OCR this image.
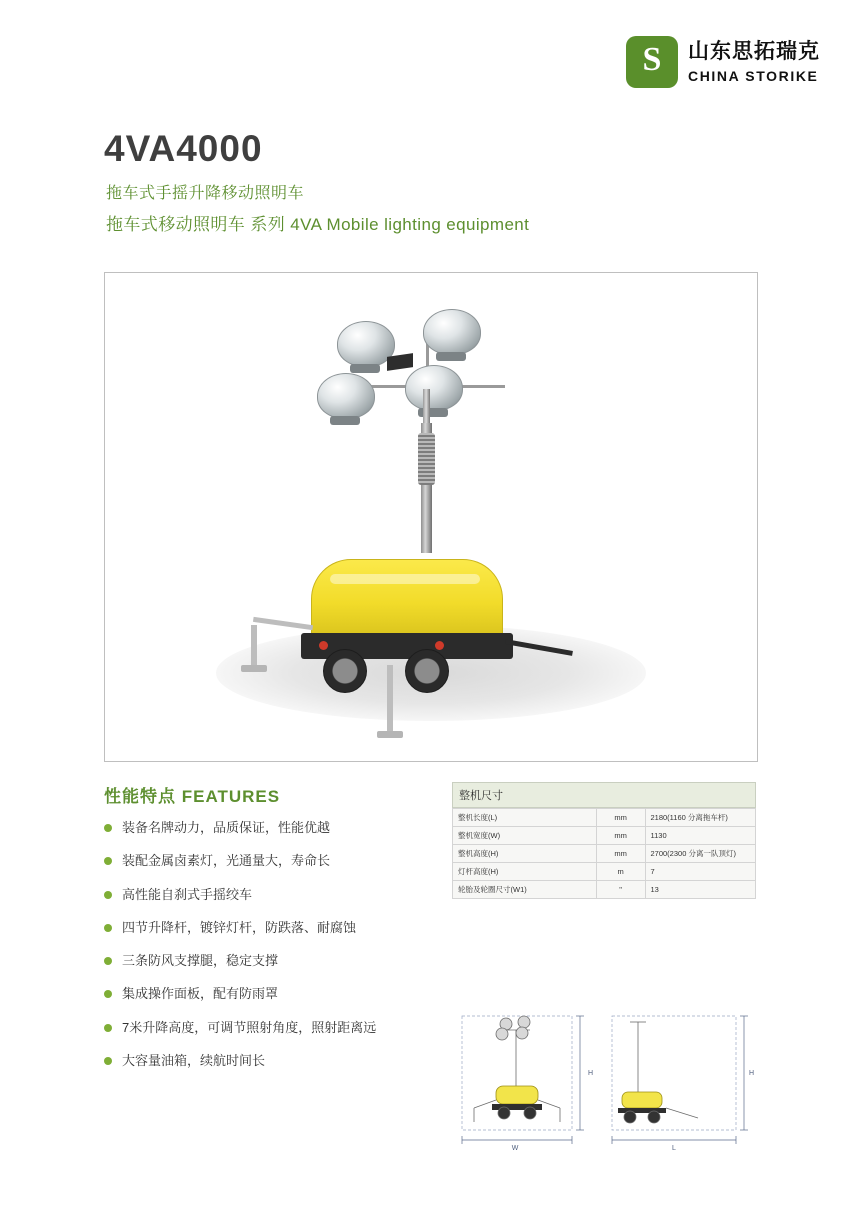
S 山东思拓瑞克
CHINA STORIKE
4VA4000
拖车式手摇升降移动照明车
拖车式移动照明车 系列 4VA Mobile lighting equipment
性能特点 FEATURES
装备名牌动力，品质保证，性能优越
装配金属卤素灯，光通量大，寿命长
高性能自刹式手摇绞车
四节升降杆，镀锌灯杆，防跌落、耐腐蚀
三条防风支撑腿，稳定支撑
集成操作面板，配有防雨罩
7米升降高度，可调节照射角度，照射距离远
大容量油箱，续航时间长
整机尺寸
整机长度(L)	mm	2180(1160 分离拖车杆)
整机宽度(W)	mm	1130
整机高度(H)	mm	2700(2300 分离一队顶灯)
灯杆高度(H)	m	7
轮胎及轮圈尺寸(W1)	"	13
W
H
L
H
